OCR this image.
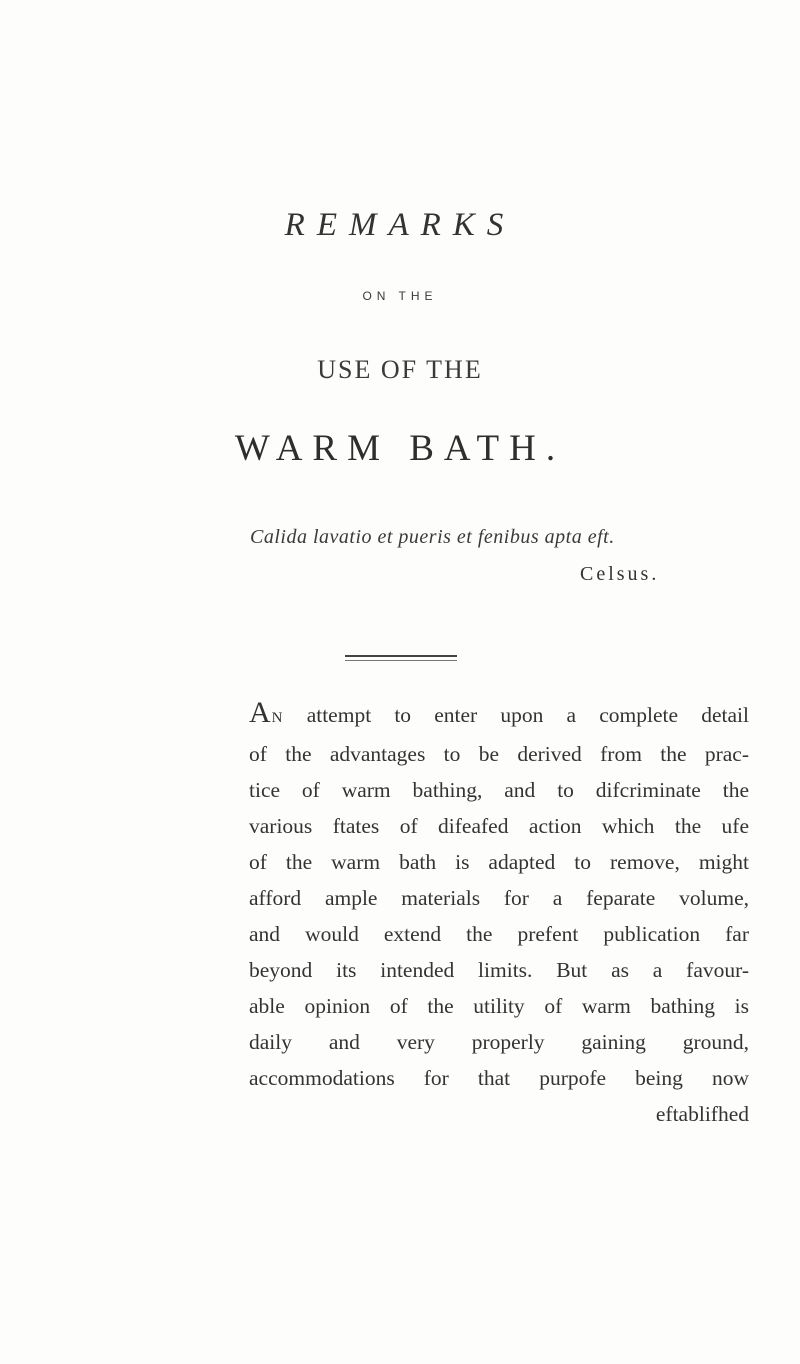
REMARKS
ON THE
USE OF THE
WARM BATH.
Calida lavatio et pueris et fenibus apta eft.
Celsus.
AN attempt to enter upon a complete detail
of the advantages to be derived from the prac-
tice of warm bathing, and to difcriminate the
various ftates of difeafed action which the ufe
of the warm bath is adapted to remove, might
afford ample materials for a feparate volume,
and would extend the prefent publication far
beyond its intended limits. But as a favour-
able opinion of the utility of warm bathing is
daily and very properly gaining ground,
accommodations for that purpofe being now
eftablifhed
